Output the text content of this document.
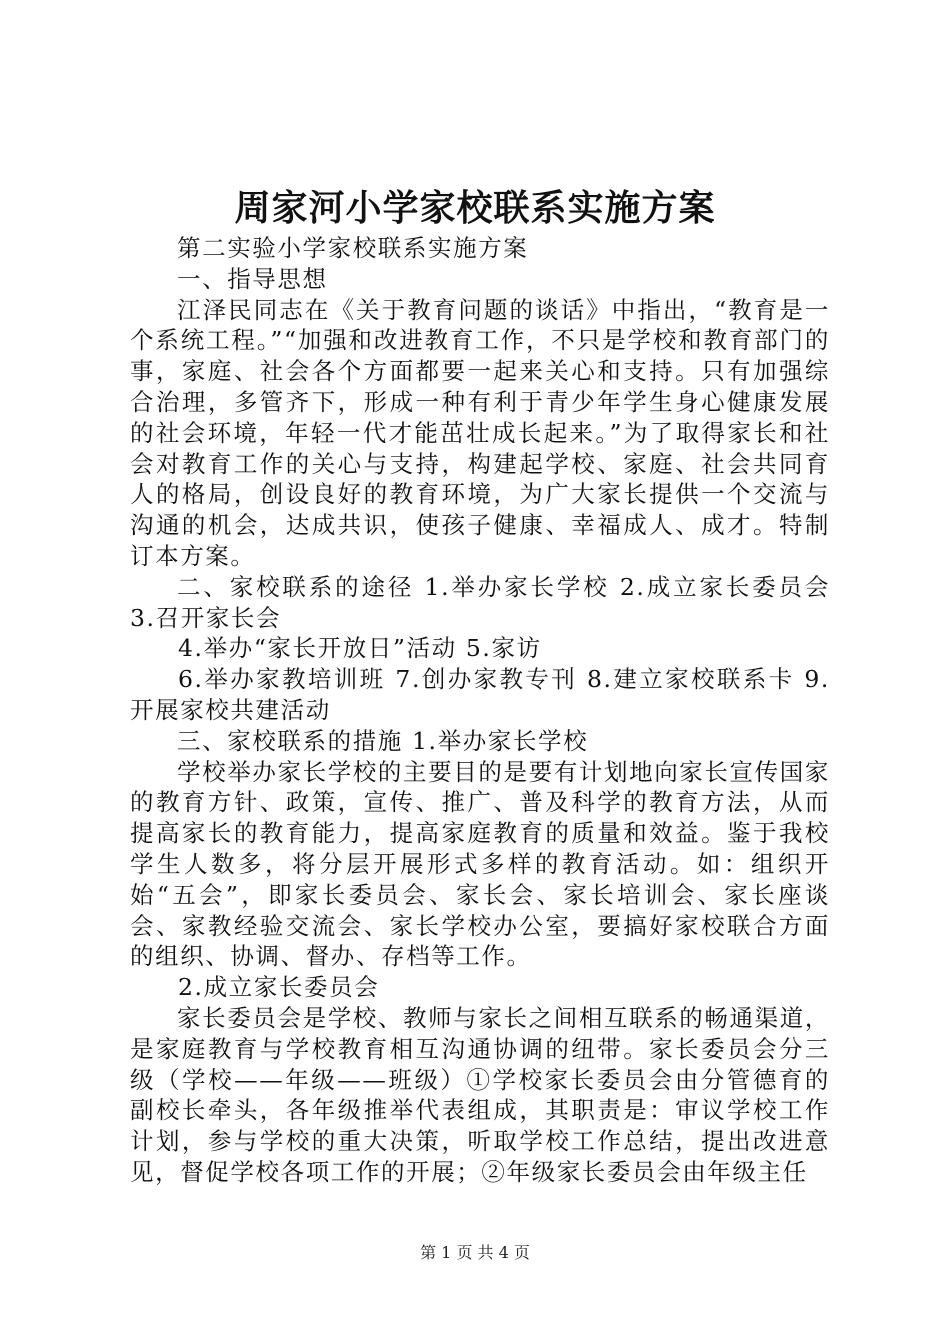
周家河小学家校联系实施方案

第二实验小学家校联系实施方案

一、指导思想

江泽民同志在《关于教育问题的谈话》中指出，“教育是一个系统工程。”“加强和改进教育工作，不只是学校和教育部门的事，家庭、社会各个方面都要一起来关心和支持。只有加强综合治理，多管齐下，形成一种有利于青少年学生身心健康发展的社会环境，年轻一代才能茁壮成长起来。”为了取得家长和社会对教育工作的关心与支持，构建起学校、家庭、社会共同育人的格局，创设良好的教育环境，为广大家长提供一个交流与沟通的机会，达成共识，使孩子健康、幸福成人、成才。特制订本方案。

二、家校联系的途径 1.举办家长学校 2.成立家长委员会 3.召开家长会

4.举办“家长开放日”活动 5.家访

6.举办家教培训班 7.创办家教专刊 8.建立家校联系卡 9.开展家校共建活动

三、家校联系的措施 1.举办家长学校

学校举办家长学校的主要目的是要有计划地向家长宣传国家的教育方针、政策，宣传、推广、普及科学的教育方法，从而提高家长的教育能力，提高家庭教育的质量和效益。鉴于我校学生人数多，将分层开展形式多样的教育活动。如：组织开始“五会”，即家长委员会、家长会、家长培训会、家长座谈会、家教经验交流会、家长学校办公室，要搞好家校联合方面的组织、协调、督办、存档等工作。

2.成立家长委员会

家长委员会是学校、教师与家长之间相互联系的畅通渠道，是家庭教育与学校教育相互沟通协调的纽带。家长委员会分三级（学校——年级——班级）①学校家长委员会由分管德育的副校长牵头，各年级推举代表组成，其职责是：审议学校工作计划，参与学校的重大决策，听取学校工作总结，提出改进意见，督促学校各项工作的开展；②年级家长委员会由年级主任

第 1 页 共 4 页
